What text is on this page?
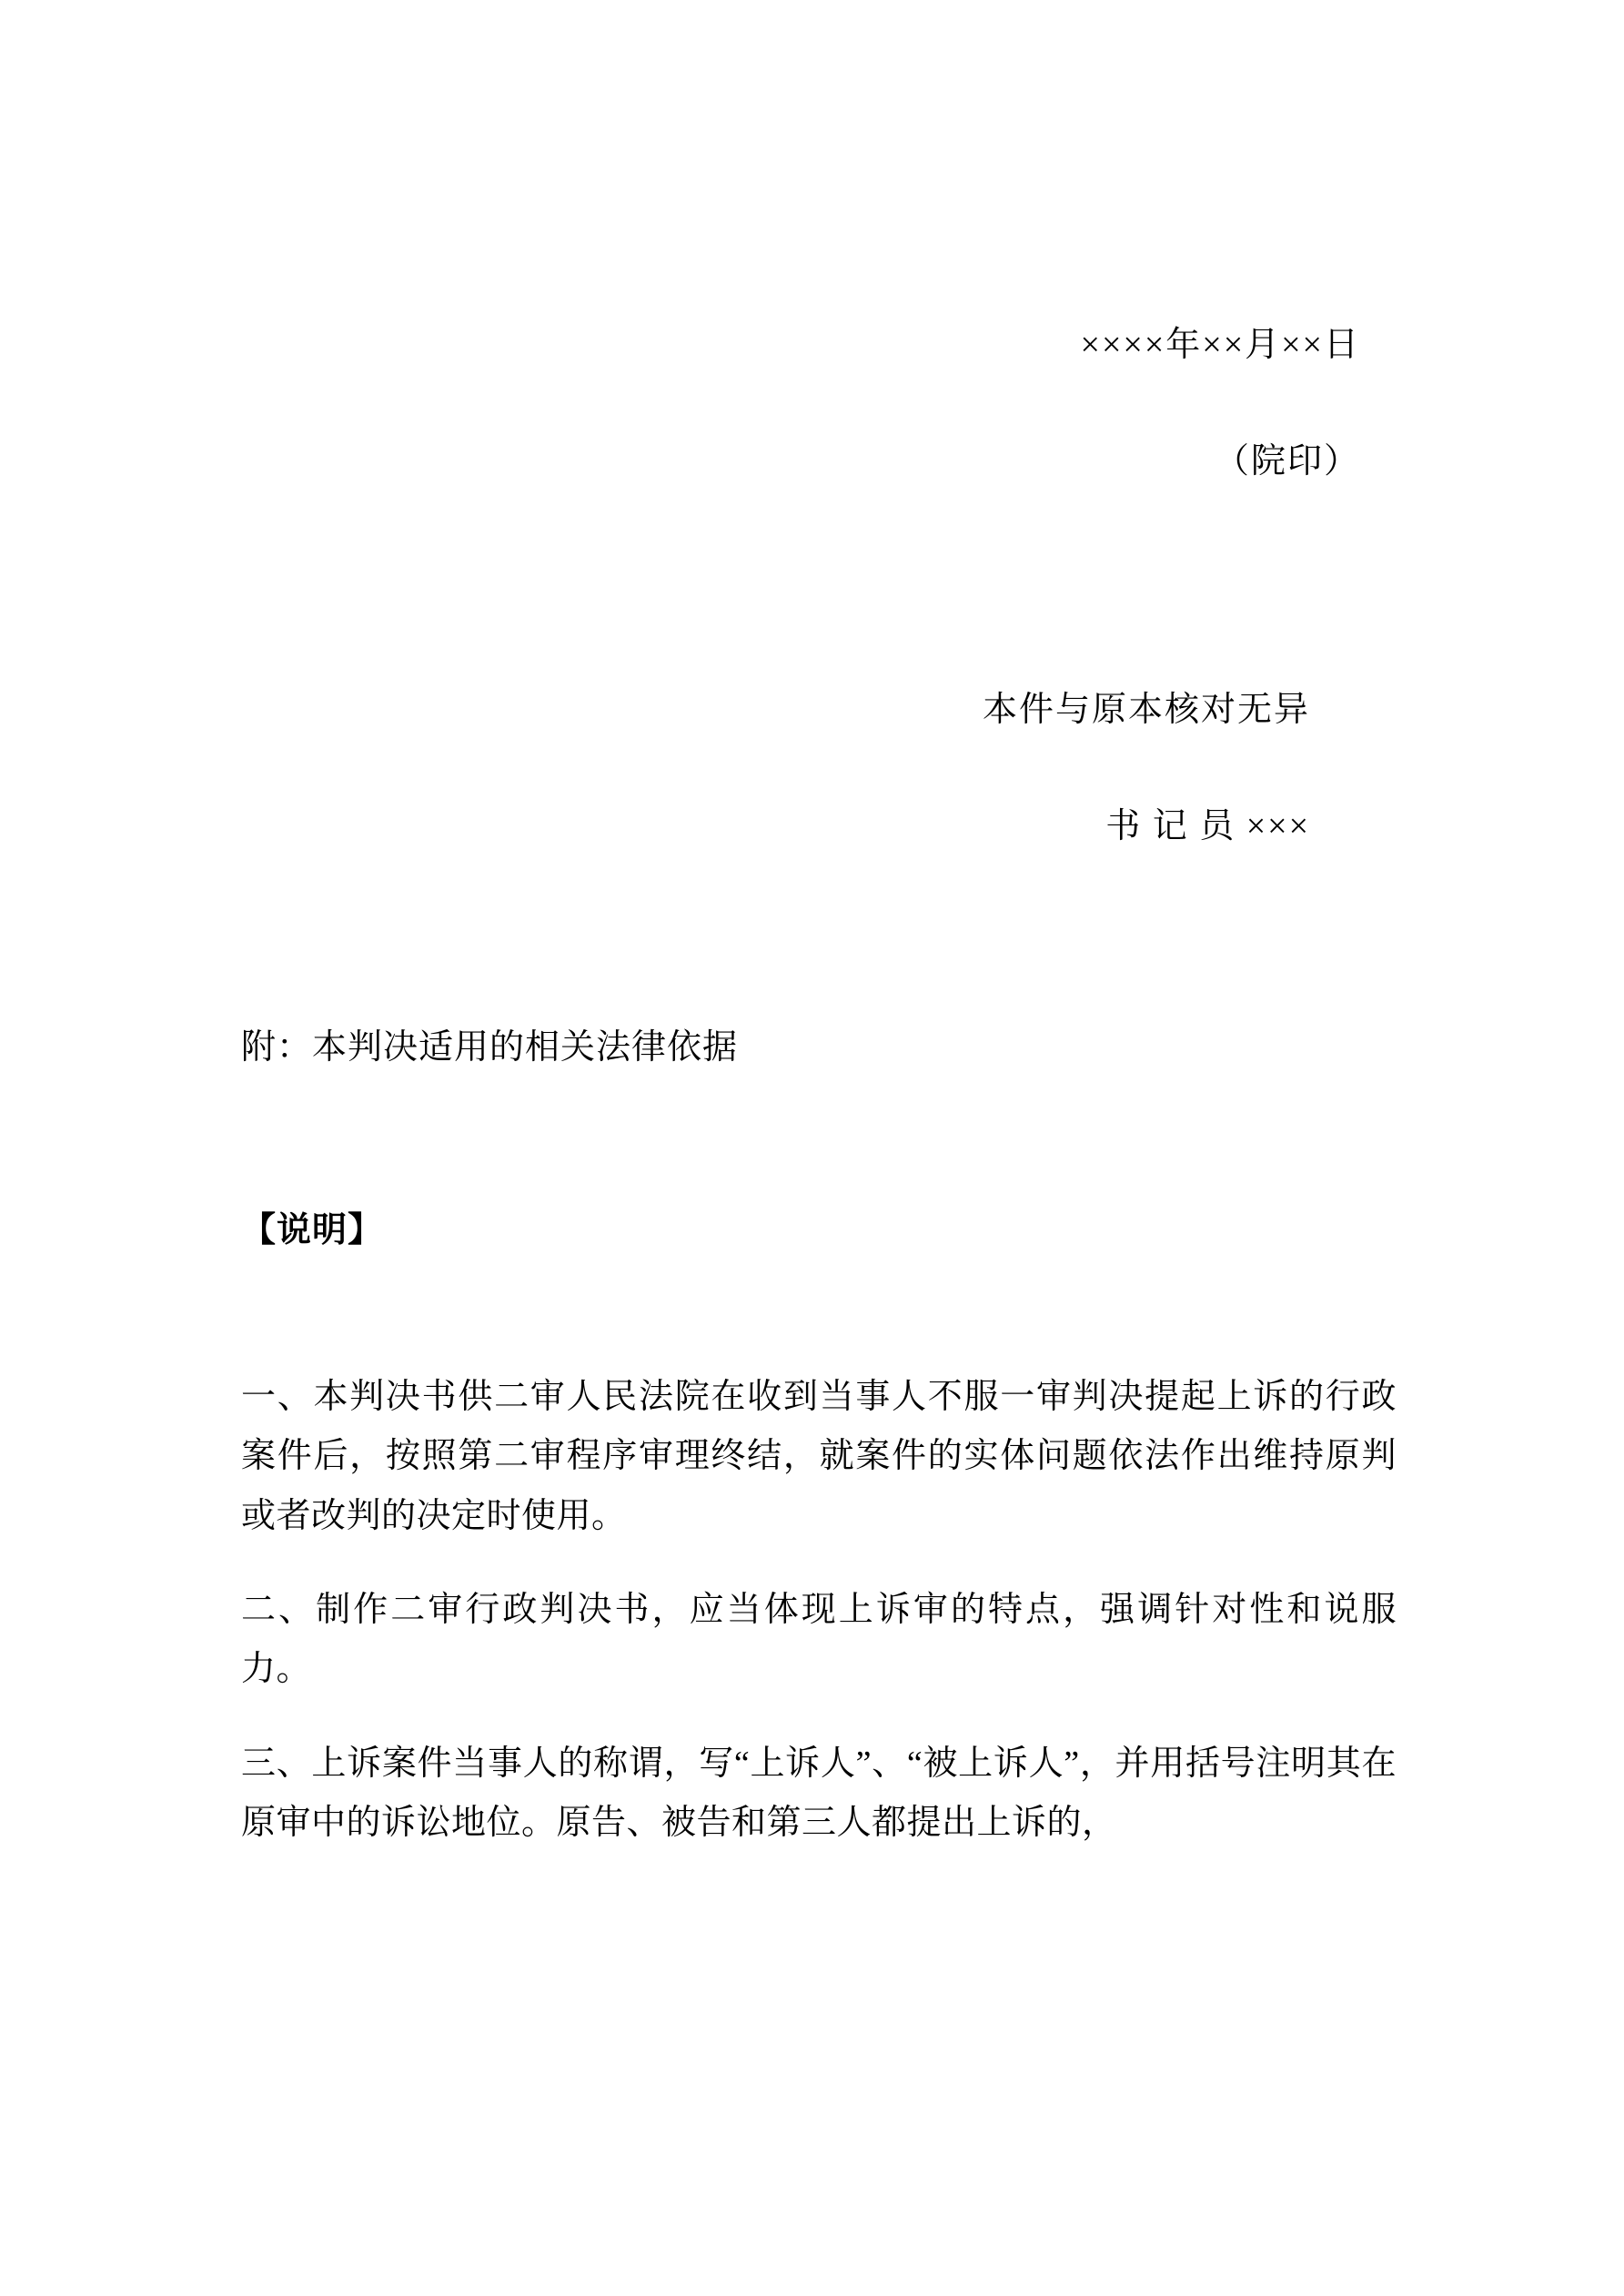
××××年××月××日
（院印）
本件与原本核对无异
书 记 员 ×××
附：本判决适用的相关法律依据
【说明】

一、本判决书供二审人民法院在收到当事人不服一审判决提起上诉的行政案件后，按照第二审程序审理终结，就案件的实体问题依法作出维持原判或者改判的决定时使用。

二、制作二审行政判决书，应当体现上诉审的特点，强调针对性和说服力。

三、上诉案件当事人的称谓，写“上诉人”、“被上诉人”，并用括号注明其在原审中的诉讼地位。原告、被告和第三人都提出上诉的，
